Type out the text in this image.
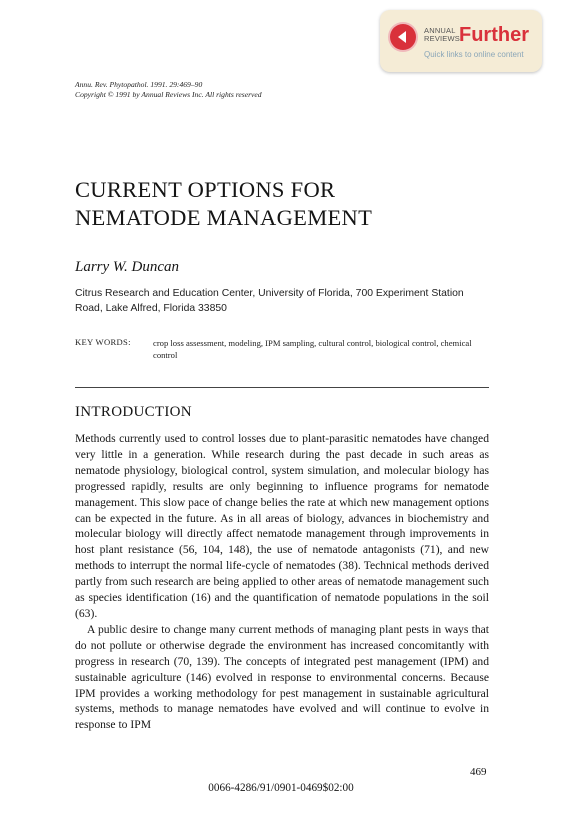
ANNUAL
REVIEWS Further
Quick links to online content
Annu. Rev. Phytopathol. 1991. 29:469–90
Copyright © 1991 by Annual Reviews Inc. All rights reserved
CURRENT OPTIONS FOR
NEMATODE MANAGEMENT
Larry W. Duncan
Citrus Research and Education Center, University of Florida, 700 Experiment Station
Road, Lake Alfred, Florida 33850
KEY WORDS:	crop loss assessment, modeling, IPM sampling, cultural control, biological control, chemical control
INTRODUCTION

Methods currently used to control losses due to plant-parasitic nematodes have changed very little in a generation. While research during the past decade in such areas as nematode physiology, biological control, system simulation, and molecular biology has progressed rapidly, results are only beginning to influence programs for nematode management. This slow pace of change belies the rate at which new management options can be expected in the future. As in all areas of biology, advances in biochemistry and molecular biology will directly affect nematode management through improvements in host plant resistance (56, 104, 148), the use of nematode antagonists (71), and new methods to interrupt the normal life-cycle of nematodes (38). Technical methods derived partly from such research are being applied to other areas of nematode management such as species identification (16) and the quantification of nematode populations in the soil (63).

A public desire to change many current methods of managing plant pests in ways that do not pollute or otherwise degrade the environment has increased concomitantly with progress in research (70, 139). The concepts of integrated pest management (IPM) and sustainable agriculture (146) evolved in response to environmental concerns. Because IPM provides a working methodology for pest management in sustainable agricultural systems, methods to manage nematodes have evolved and will continue to evolve in response to IPM

469
0066-4286/91/0901-0469$02:00
